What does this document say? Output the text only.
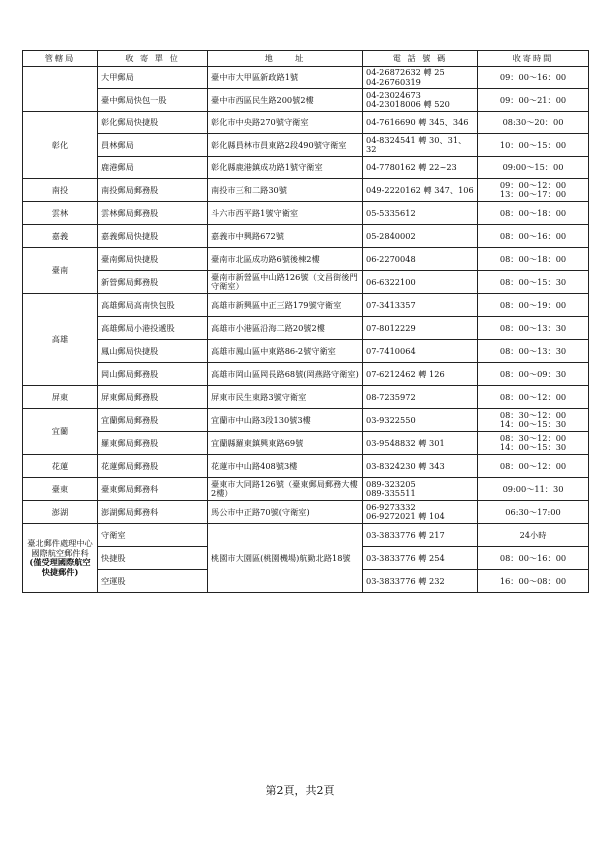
管轄局	收 寄 單 位	地　　址	電 話 號 碼	收寄時間
	大甲郵局	臺中市大甲區新政路1號	04-26872632 轉 25
04-26760319	09：00～16：00

	臺中郵局快包一股	臺中市西區民生路200號2樓	04-23024673
04-23018006 轉 520	09：00～21：00

彰化	彰化郵局快捷股	彰化市中央路270號守衛室	04-7616690 轉 345、346	08:30～20：00

	員林郵局	彰化縣員林市員東路2段490號守衛室	04-8324541 轉 30、31、32	10：00～15：00

	鹿港郵局	彰化縣鹿港鎮成功路1號守衛室	04-7780162 轉 22~23	09:00～15：00

南投	南投郵局郵務股	南投市三和二路30號	049-2220162 轉 347、106	09：00～12：00
13：00～17：00

雲林	雲林郵局郵務股	斗六市西平路1號守衛室	05-5335612	08：00～18：00

嘉義	嘉義郵局快捷股	嘉義市中興路672號	05-2840002	08：00～16：00

臺南	臺南郵局快捷股	臺南市北區成功路6號後棟2樓	06-2270048	08：00～18：00

	新營郵局郵務股	臺南市新營區中山路126號（文昌街後門守衛室）	06-6322100	08：00～15：30

高雄	高雄郵局高南快包股	高雄市新興區中正三路179號守衛室	07-3413357	08：00～19：00

	高雄郵局小港投遞股	高雄市小港區沿海二路20號2樓	07-8012229	08：00～13：30

	鳳山郵局快捷股	高雄市鳳山區中東路86-2號守衛室	07-7410064	08：00～13：30

	岡山郵局郵務股	高雄市岡山區岡長路68號(岡燕路守衛室)	07-6212462 轉 126	08：00～09：30

屏東	屏東郵局郵務股	屏東市民生東路3號守衛室	08-7235972	08：00～12：00

宜蘭	宜蘭郵局郵務股	宜蘭市中山路3段130號3樓	03-9322550	08：30～12：00
14：00～15：30

	羅東郵局郵務股	宜蘭縣羅東鎮興東路69號	03-9548832 轉 301	08：30～12：00
14：00～15：30

花蓮	花蓮郵局郵務股	花蓮市中山路408號3樓	03-8324230 轉 343	08：00～12：00

臺東	臺東郵局郵務科	臺東市大同路126號（臺東郵局郵務大樓2樓）	089-323205
089-335511	09:00～11：30

澎湖	澎湖郵局郵務科	馬公市中正路70號(守衛室)	06-9273332
06-9272021 轉 104	06:30～17:00

臺北郵件處理中心
國際航空郵件科
(僅受理國際航空
快捷郵件)	守衛室	桃園市大園區(桃園機場)航勤北路18號	03-3833776 轉 217	24小時

	快捷股		03-3833776 轉 254	08：00～16：00

	空運股		03-3833776 轉 232	16：00～08：00
第2頁，共2頁
